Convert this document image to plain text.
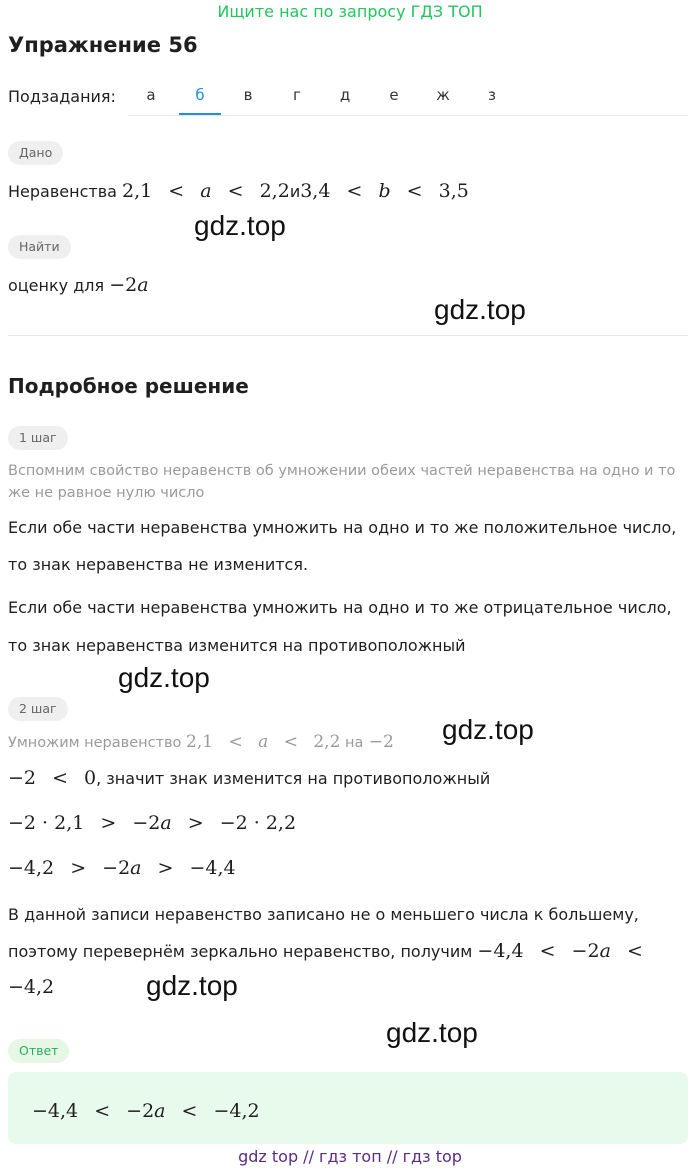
Ищите нас по запросу ГДЗ ТОП
Упражнение 56
Подзадания:	а	б	в	г	д	е	ж	з
Дано
Неравенства 2,1 < a < 2,2и3,4 < b < 3,5
Найти
оценку для −2a
Подробное решение
1 шаг
Вспомним свойство неравенств об умножении обеих частей неравенства на одно и то
же не равное нулю число
Если обе части неравенства умножить на одно и то же положительное число,
то знак неравенства не изменится.
Если обе части неравенства умножить на одно и то же отрицательное число,
то знак неравенства изменится на противоположный
2 шаг
Умножим неравенство 2,1 < a < 2,2 на −2
−2 < 0, значит знак изменится на противоположный
−2 · 2,1 > −2a > −2 · 2,2
−4,2 > −2a > −4,4
В данной записи неравенство записано не о меньшего числа к большему,
поэтому перевернём зеркально неравенство, получим −4,4 < −2a <
−4,2
Ответ
−4,4 < −2a < −4,2
gdz.top
gdz.top
gdz.top
gdz.top
gdz.top
gdz.top
gdz top // гдз топ // гдз top
